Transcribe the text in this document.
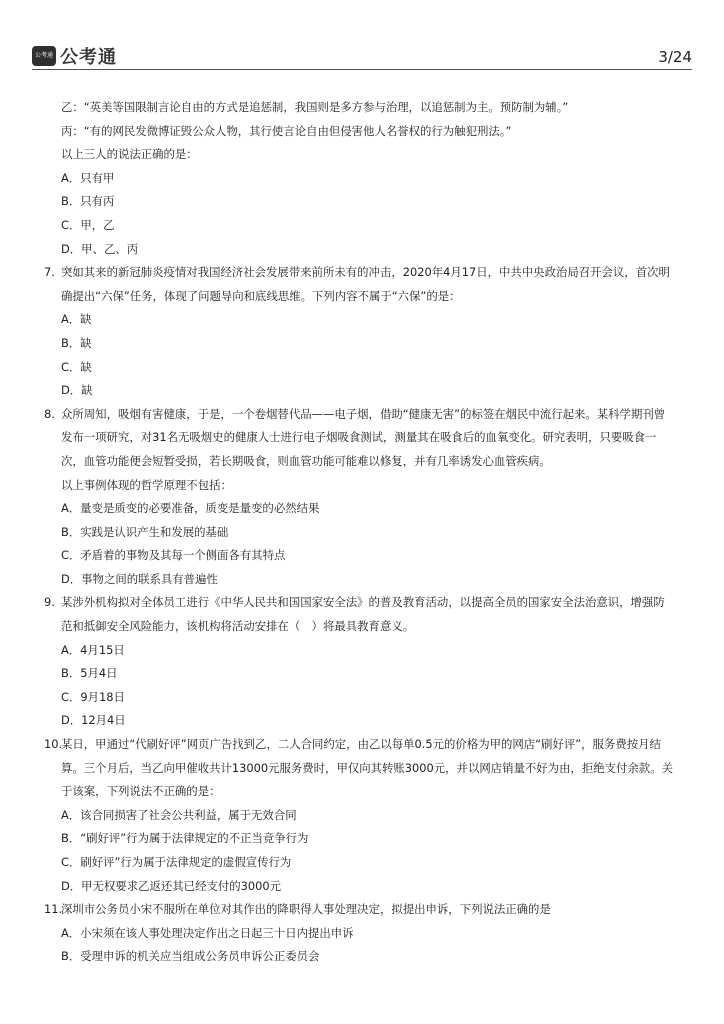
公考通 公考通	3/24
乙：“英美等国限制言论自由的方式是追惩制，我国则是多方参与治理，以追惩制为主。预防制为辅。”
丙：“有的网民发微博证毁公众人物，其行使言论自由但侵害他人名誉权的行为触犯刑法。”
以上三人的说法正确的是：
A．只有甲
B．只有丙
C．甲，乙
D．甲、乙、丙
7. 突如其来的新冠肺炎疫情对我国经济社会发展带来前所未有的冲击，2020年4月17日，中共中央政治局召开会议，首次明
确提出“六保”任务，体现了问题导向和底线思维。下列内容不属于“六保”的是：
A．缺
B．缺
C．缺
D．缺
8. 众所周知，吸烟有害健康，于是，一个卷烟替代品——电子烟，借助“健康无害”的标签在烟民中流行起来。某科学期刊曾
发布一项研究，对31名无吸烟史的健康人士进行电子烟吸食测试，测量其在吸食后的血氧变化。研究表明，只要吸食一
次，血管功能便会短暂受损，若长期吸食，则血管功能可能难以修复，并有几率诱发心血管疾病。
以上事例体现的哲学原理不包括：
A．量变是质变的必要准备，质变是量变的必然结果
B．实践是认识产生和发展的基础
C．矛盾着的事物及其每一个侧面各有其特点
D．事物之间的联系具有普遍性
9. 某涉外机构拟对全体员工进行《中华人民共和国国家安全法》的普及教育活动，以提高全员的国家安全法治意识，增强防
范和抵御安全风险能力，该机构将活动安排在（　）将最具教育意义。
A．4月15日
B．5月4日
C．9月18日
D．12月4日
10.
某日，甲通过“代刷好评”网页广告找到乙，二人合同约定，由乙以每单0.5元的价格为甲的网店“刷好评”，服务费按月结
算。三个月后，当乙向甲催收共计13000元服务费时，甲仅向其转账3000元，并以网店销量不好为由，拒绝支付余款。关
于该案，下列说法不正确的是：
A．该合同损害了社会公共利益，属于无效合同
B．“刷好评”行为属于法律规定的不正当竞争行为
C．刷好评”行为属于法律规定的虚假宣传行为
D．甲无权要求乙返还其已经支付的3000元
11.
深圳市公务员小宋不服所在单位对其作出的降职得人事处理决定，拟提出申诉，下列说法正确的是
A．小宋须在该人事处理决定作出之日起三十日内提出申诉
B．受理申诉的机关应当组成公务员申诉公正委员会
